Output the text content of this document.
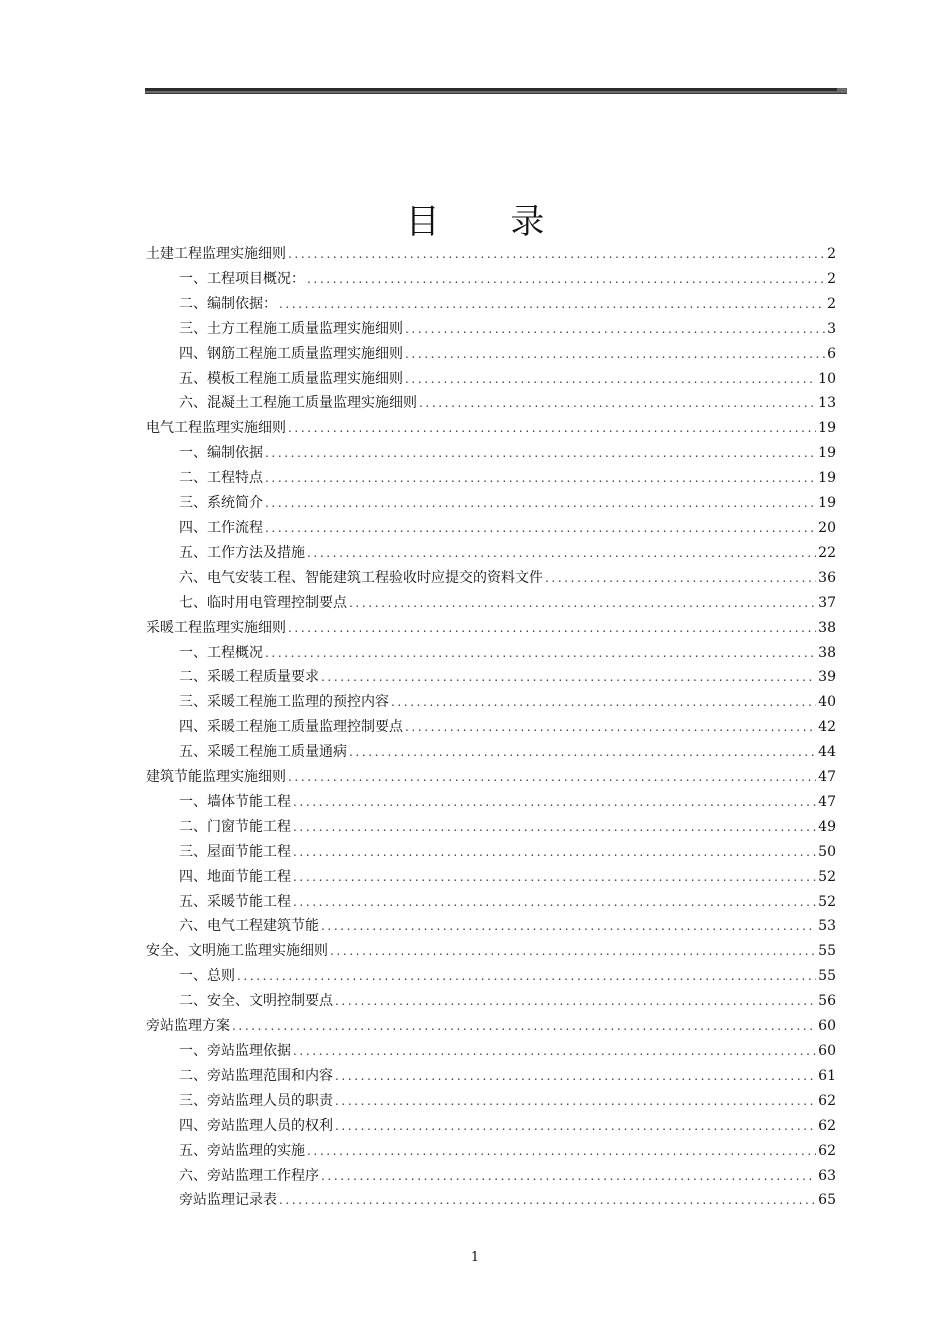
目 录
土建工程监理实施细则 .....	2
一、工程项目概况： .....	2
二、编制依据： .....	2
三、土方工程施工质量监理实施细则 .....	3
四、钢筋工程施工质量监理实施细则 .....	6
五、模板工程施工质量监理实施细则 .....	10
六、混凝土工程施工质量监理实施细则 .....	13
电气工程监理实施细则 .....	19
一、编制依据 .....	19
二、工程特点 .....	19
三、系统简介 .....	19
四、工作流程 .....	20
五、工作方法及措施 .....	22
六、电气安装工程、智能建筑工程验收时应提交的资料文件 .....	36
七、临时用电管理控制要点 .....	37
采暖工程监理实施细则 .....	38
一、工程概况 .....	38
二、采暖工程质量要求 .....	39
三、采暖工程施工监理的预控内容 .....	40
四、采暖工程施工质量监理控制要点 .....	42
五、采暖工程施工质量通病 .....	44
建筑节能监理实施细则 .....	47
一、墙体节能工程 .....	47
二、门窗节能工程 .....	49
三、屋面节能工程 .....	50
四、地面节能工程 .....	52
五、采暖节能工程 .....	52
六、电气工程建筑节能 .....	53
安全、文明施工监理实施细则 .....	55
一、总则 .....	55
二、安全、文明控制要点 .....	56
旁站监理方案 .....	60
一、旁站监理依据 .....	60
二、旁站监理范围和内容 .....	61
三、旁站监理人员的职责 .....	62
四、旁站监理人员的权利 .....	62
五、旁站监理的实施 .....	62
六、旁站监理工作程序 .....	63
旁站监理记录表 .....	65
1
